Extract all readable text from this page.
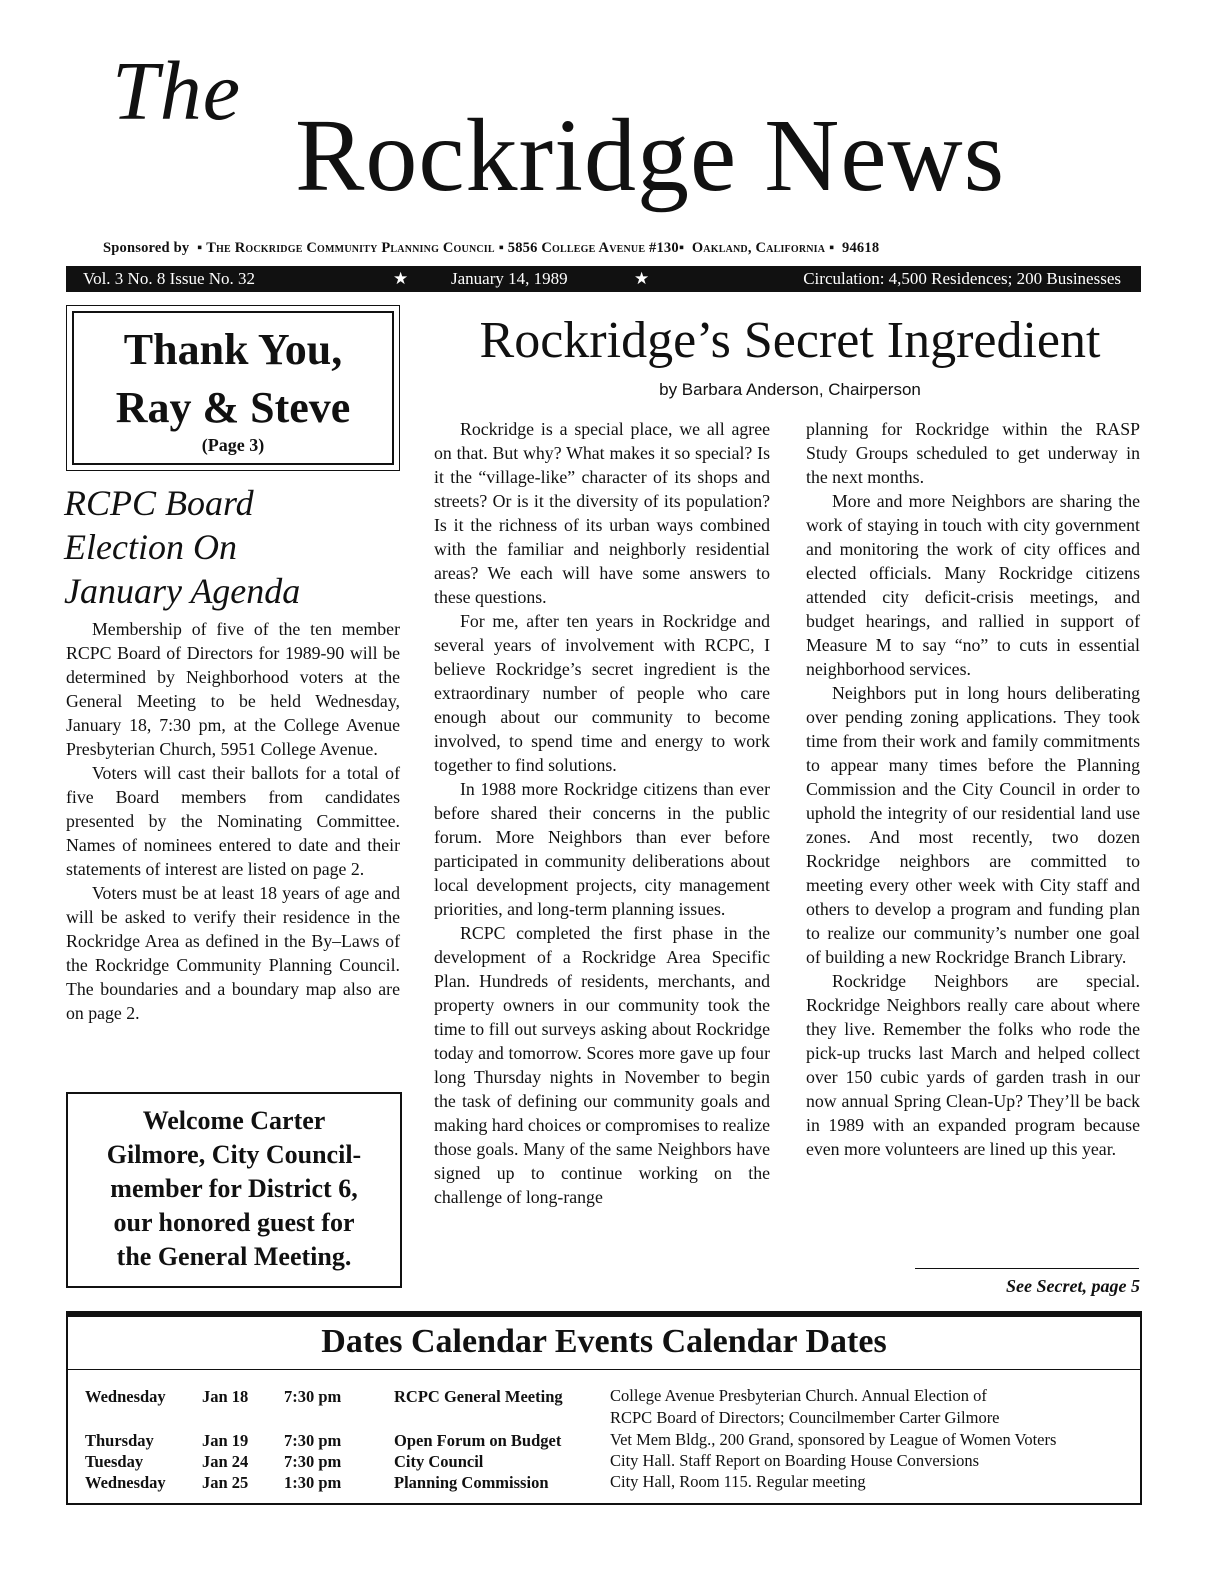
The
Rockridge News
Sponsored by  ▪ The Rockridge Community Planning Council ▪ 5856 College Avenue #130▪  Oakland, California ▪  94618
Vol. 3 No. 8 Issue No. 32	★	January 14, 1989	★	Circulation: 4,500 Residences; 200 Businesses
Thank You,
Ray & Steve
(Page 3)
RCPC Board
Election On
January Agenda

Membership of five of the ten member RCPC Board of Directors for 1989-90 will be determined by Neighborhood voters at the General Meeting to be held Wednesday, January 18, 7:30 pm, at the College Avenue Presbyterian Church, 5951 College Avenue.

Voters will cast their ballots for a total of five Board members from candidates presented by the Nominating Committee. Names of nominees entered to date and their statements of interest are listed on page 2.

Voters must be at least 18 years of age and will be asked to verify their residence in the Rockridge Area as defined in the By–Laws of the Rockridge Community Planning Council. The boundaries and a boundary map also are on page 2.

Welcome Carter
Gilmore, City Council-
member for District 6,
our honored guest for
the General Meeting.
Rockridge’s Secret Ingredient
by Barbara Anderson, Chairperson

Rockridge is a special place, we all agree on that. But why? What makes it so special? Is it the “village-like” character of its shops and streets? Or is it the diversity of its population? Is it the richness of its urban ways combined with the familiar and neighborly residential areas? We each will have some answers to these questions.

For me, after ten years in Rockridge and several years of involvement with RCPC, I believe Rockridge’s secret ingredient is the extraordinary number of people who care enough about our community to become involved, to spend time and energy to work together to find solutions.

In 1988 more Rockridge citizens than ever before shared their concerns in the public forum. More Neighbors than ever before participated in community deliberations about local development projects, city management priorities, and long-term planning issues.

RCPC completed the first phase in the development of a Rockridge Area Specific Plan. Hundreds of residents, merchants, and property owners in our community took the time to fill out surveys asking about Rockridge today and tomorrow. Scores more gave up four long Thursday nights in November to begin the task of defining our community goals and making hard choices or compromises to realize those goals. Many of the same Neighbors have signed up to continue working on the challenge of long-range

planning for Rockridge within the RASP Study Groups scheduled to get underway in the next months.

More and more Neighbors are sharing the work of staying in touch with city government and monitoring the work of city offices and elected officials. Many Rockridge citizens attended city deficit-crisis meetings, and budget hearings, and rallied in support of Measure M to say “no” to cuts in essential neighborhood services.

Neighbors put in long hours deliberating over pending zoning applications. They took time from their work and family commitments to appear many times before the Planning Commission and the City Council in order to uphold the integrity of our residential land use zones. And most recently, two dozen Rockridge neighbors are committed to meeting every other week with City staff and others to develop a program and funding plan to realize our community’s number one goal of building a new Rockridge Branch Library.

Rockridge Neighbors are special. Rockridge Neighbors really care about where they live. Remember the folks who rode the pick-up trucks last March and helped collect over 150 cubic yards of garden trash in our now annual Spring Clean-Up? They’ll be back in 1989 with an expanded program because even more volunteers are lined up this year.

See Secret, page 5
Dates Calendar Events Calendar Dates
Wednesday Jan 18 7:30 pm	RCPC General Meeting	College Avenue Presbyterian Church. Annual Election of
RCPC Board of Directors; Councilmember Carter Gilmore
Thursday	Jan 19 7:30 pm	Open Forum on Budget	Vet Mem Bldg., 200 Grand, sponsored by League of Women Voters
Tuesday	Jan 24 7:30 pm	City Council	City Hall. Staff Report on Boarding House Conversions
Wednesday Jan 25 1:30 pm	Planning Commission	City Hall, Room 115. Regular meeting
